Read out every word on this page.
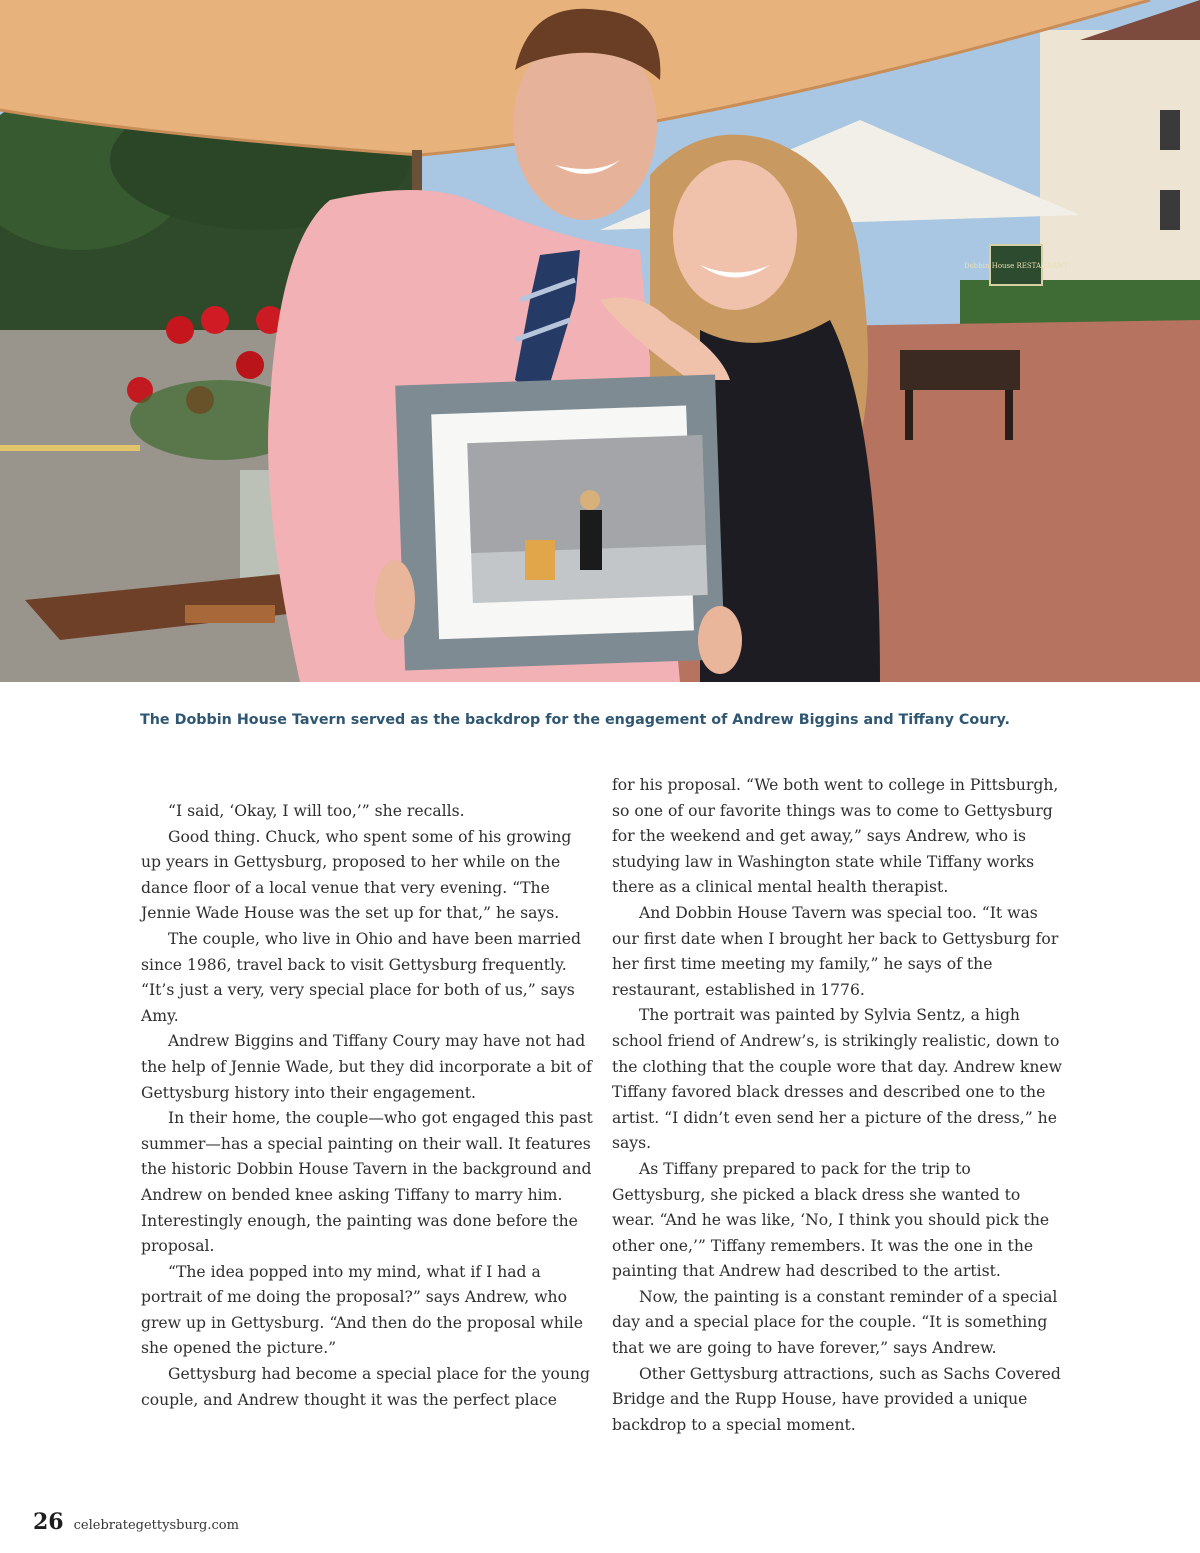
Dobbin House RESTAURANT
The Dobbin House Tavern served as the backdrop for the engagement of Andrew Biggins and Tiffany Coury.

“I said, ‘Okay, I will too,’” she recalls.

Good thing. Chuck, who spent some of his growing up years in Gettysburg, proposed to her while on the dance floor of a local venue that very evening. “The Jennie Wade House was the set up for that,” he says.

The couple, who live in Ohio and have been married since 1986, travel back to visit Gettysburg frequently. “It’s just a very, very special place for both of us,” says Amy.

Andrew Biggins and Tiffany Coury may have not had the help of Jennie Wade, but they did incorporate a bit of Gettysburg history into their engagement.

In their home, the couple—who got engaged this past summer—has a special painting on their wall. It features the historic Dobbin House Tavern in the background and Andrew on bended knee asking Tiffany to marry him. Interestingly enough, the painting was done before the proposal.

“The idea popped into my mind, what if I had a portrait of me doing the proposal?” says Andrew, who grew up in Gettysburg. “And then do the proposal while she opened the picture.”

Gettysburg had become a special place for the young couple, and Andrew thought it was the perfect place

for his proposal. “We both went to college in Pittsburgh, so one of our favorite things was to come to Gettysburg for the weekend and get away,” says Andrew, who is studying law in Washington state while Tiffany works there as a clinical mental health therapist.

And Dobbin House Tavern was special too. “It was our first date when I brought her back to Gettysburg for her first time meeting my family,” he says of the restaurant, established in 1776.

The portrait was painted by Sylvia Sentz, a high school friend of Andrew’s, is strikingly realistic, down to the clothing that the couple wore that day. Andrew knew Tiffany favored black dresses and described one to the artist. “I didn’t even send her a picture of the dress,” he says.

As Tiffany prepared to pack for the trip to Gettysburg, she picked a black dress she wanted to wear. “And he was like, ‘No, I think you should pick the other one,’” Tiffany remembers. It was the one in the painting that Andrew had described to the artist.

Now, the painting is a constant reminder of a special day and a special place for the couple. “It is something that we are going to have forever,” says Andrew.

Other Gettysburg attractions, such as Sachs Covered Bridge and the Rupp House, have provided a unique backdrop to a special moment.

26 celebrategettysburg.com
